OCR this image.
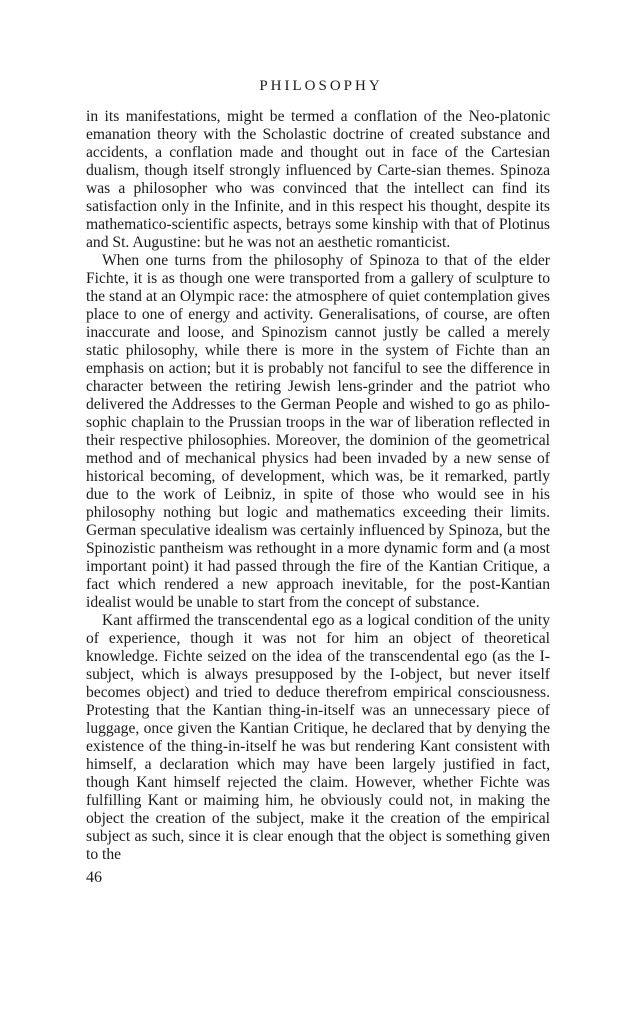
PHILOSOPHY

in its manifestations, might be termed a conflation of the Neo-platonic emanation theory with the Scholastic doctrine of created substance and accidents, a conflation made and thought out in face of the Cartesian dualism, though itself strongly influenced by Carte-sian themes. Spinoza was a philosopher who was convinced that the intellect can find its satisfaction only in the Infinite, and in this respect his thought, despite its mathematico-scientific aspects, betrays some kinship with that of Plotinus and St. Augustine: but he was not an aesthetic romanticist.

When one turns from the philosophy of Spinoza to that of the elder Fichte, it is as though one were transported from a gallery of sculpture to the stand at an Olympic race: the atmosphere of quiet contemplation gives place to one of energy and activity. Generalisations, of course, are often inaccurate and loose, and Spinozism cannot justly be called a merely static philosophy, while there is more in the system of Fichte than an emphasis on action; but it is probably not fanciful to see the difference in character between the retiring Jewish lens-grinder and the patriot who delivered the Addresses to the German People and wished to go as philo-sophic chaplain to the Prussian troops in the war of liberation reflected in their respective philosophies. Moreover, the dominion of the geometrical method and of mechanical physics had been invaded by a new sense of historical becoming, of development, which was, be it remarked, partly due to the work of Leibniz, in spite of those who would see in his philosophy nothing but logic and mathematics exceeding their limits. German speculative idealism was certainly influenced by Spinoza, but the Spinozistic pantheism was rethought in a more dynamic form and (a most important point) it had passed through the fire of the Kantian Critique, a fact which rendered a new approach inevitable, for the post-Kantian idealist would be unable to start from the concept of substance.

Kant affirmed the transcendental ego as a logical condition of the unity of experience, though it was not for him an object of theoretical knowledge. Fichte seized on the idea of the transcendental ego (as the I-subject, which is always presupposed by the I-object, but never itself becomes object) and tried to deduce therefrom empirical consciousness. Protesting that the Kantian thing-in-itself was an unnecessary piece of luggage, once given the Kantian Critique, he declared that by denying the existence of the thing-in-itself he was but rendering Kant consistent with himself, a declaration which may have been largely justified in fact, though Kant himself rejected the claim. However, whether Fichte was fulfilling Kant or maiming him, he obviously could not, in making the object the creation of the subject, make it the creation of the empirical subject as such, since it is clear enough that the object is something given to the

46
